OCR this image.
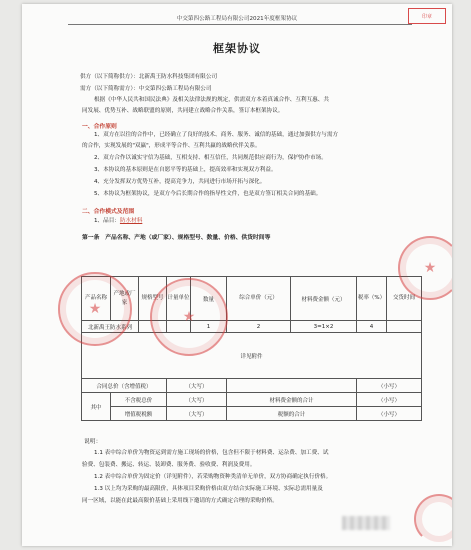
中交第四公路工程局有限公司2021年度框架协议	印章
框架协议
供方（以下简称供方）：北新禹王防水科技集团有限公司
需方（以下简称需方）：中交第四公路工程局有限公司
根据《中华人民共和国民法典》及相关法律法规的规定，供需双方本着真诚合作、互利互惠、共
同发展、优势互补、战略联盟的原则，共同建立战略合作关系，签订本框架协议。
一、合作原则
1、双方在以往的合作中，已经确立了良好的技术、商务、服务、诚信的基础，通过加强供方与需方
的合作，实现发展的"双赢"，形成平等合作、互利共赢的战略伙伴关系。
2、双方合作以诚实守信为基础，互相支持、相互信任，共同规范供应商行为，保护协作市场。
3、本协议的基本原则是在自愿平等的基础上，提高效率和实现双方利益。
4、充分发挥双方优势互补，提高竞争力，共同进行市场开拓与深化。
5、本协议为框架协议，是双方今后长期合作的指导性文件，也是双方签订相关合同的基础。
二、合作模式及范围
1、品目：防水材料
第一条　产品名称、产地（或厂家）、规格型号、数量、价格、供货时间等
产品名称	产地或厂家	规格型号	计量单位	数量	综合单价（元）	材料费金额（元）	税率（%）	交货时间
北新禹王防水系列				1	2	3=1×2	4	
详见附件								
合同总价（含增值税）			（大写）				（小写）	
其中	不含税总价		（大写）		材料费金额的合计		（小写）	
	增值税税额		（大写）		税额的合计		（小写）	
说明：
1.1 表中综合单价为物资运到需方施工现场的价格，包含但不限于材料费、运杂费、加工费、试
验费、包装费、搬运、转运、装卸费、服务费、验收费、利润及费用。
1.2 表中综合单价为固定价（详见附件），若采购物资种类清单无单价，双方协商确定执行价格。
1.3 以上均为采购的最高限价，具体项目采购价格由双方结合实际施工环境、实际总需用量及
同一区域，以能在此最高限价基础上采用线下邀请的方式确定合理的采购价格。
★	★
★
